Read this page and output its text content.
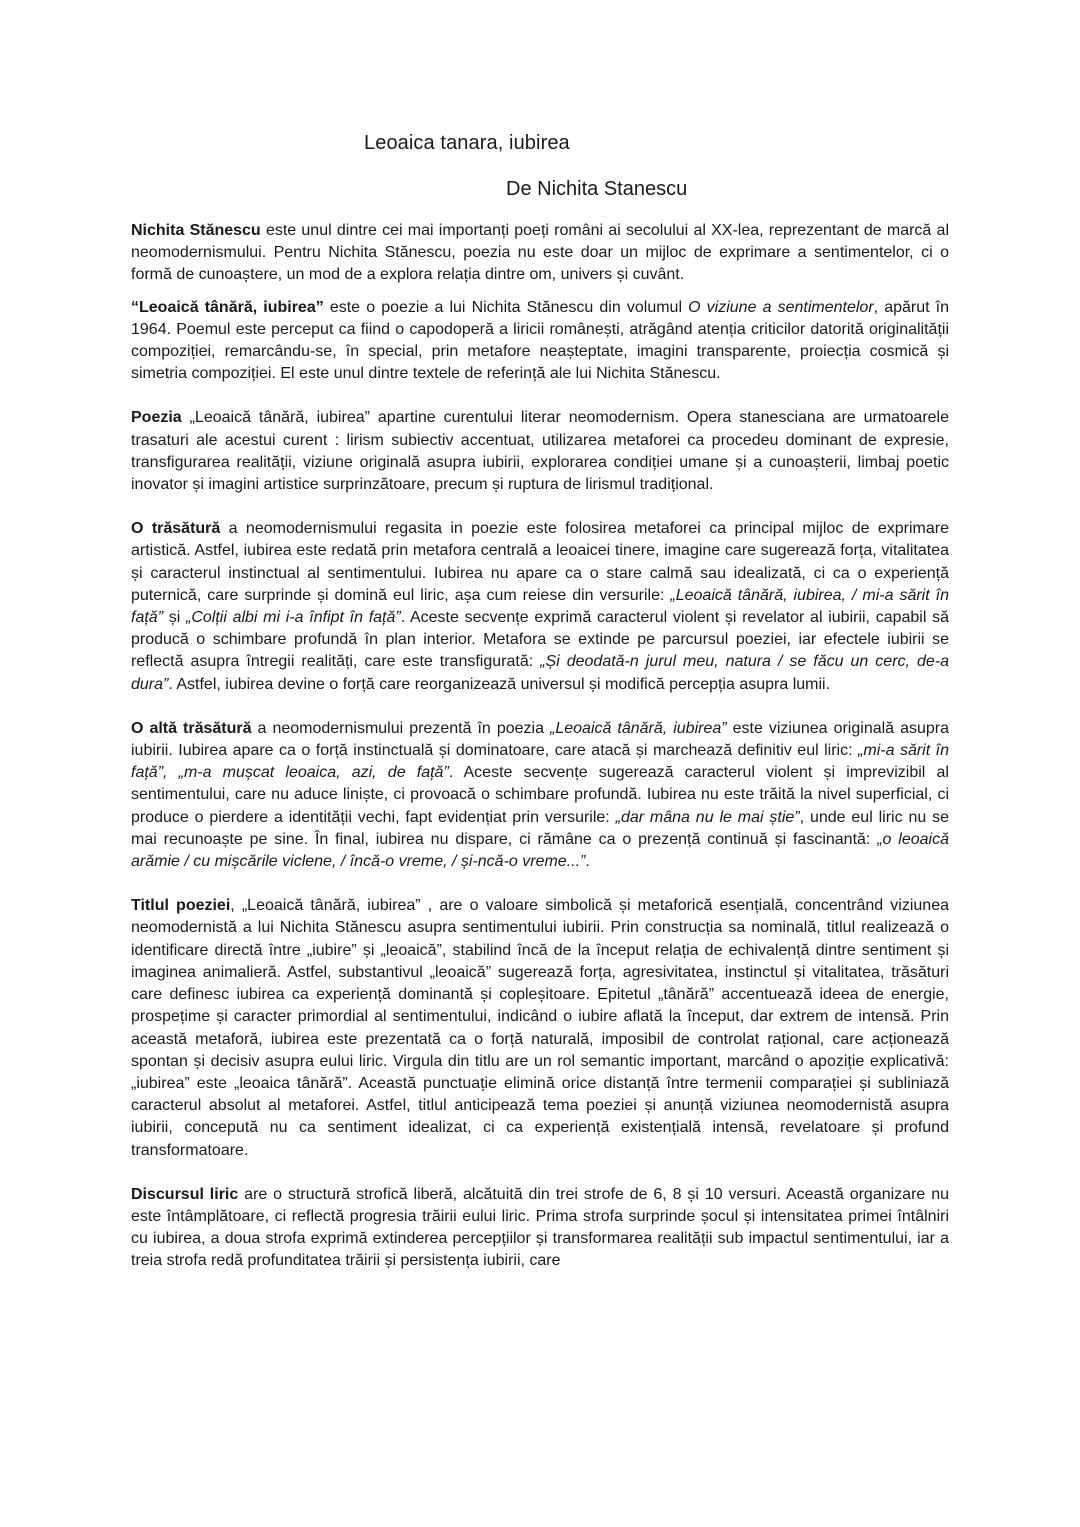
Leoaica tanara, iubirea
De Nichita Stanescu

Nichita Stănescu este unul dintre cei mai importanți poeți români ai secolului al XX-lea, reprezentant de marcă al neomodernismului. Pentru Nichita Stănescu, poezia nu este doar un mijloc de exprimare a sentimentelor, ci o formă de cunoaștere, un mod de a explora relația dintre om, univers și cuvânt.

“Leoaică tânără, iubirea” este o poezie a lui Nichita Stănescu din volumul O viziune a sentimentelor, apărut în 1964. Poemul este perceput ca fiind o capodoperă a liricii românești, atrăgând atenția criticilor datorită originalității compoziției, remarcându-se, în special, prin metafore neașteptate, imagini transparente, proiecția cosmică și simetria compoziției. El este unul dintre textele de referință ale lui Nichita Stănescu.

Poezia „Leoaică tânără, iubirea” apartine curentului literar neomodernism. Opera stanesciana are urmatoarele trasaturi ale acestui curent : lirism subiectiv accentuat, utilizarea metaforei ca procedeu dominant de expresie, transfigurarea realității, viziune originală asupra iubirii, explorarea condiției umane și a cunoașterii, limbaj poetic inovator și imagini artistice surprinzătoare, precum și ruptura de lirismul tradițional.

O trăsătură a neomodernismului regasita in poezie este folosirea metaforei ca principal mijloc de exprimare artistică. Astfel, iubirea este redată prin metafora centrală a leoaicei tinere, imagine care sugerează forța, vitalitatea și caracterul instinctual al sentimentului. Iubirea nu apare ca o stare calmă sau idealizată, ci ca o experiență puternică, care surprinde și domină eul liric, așa cum reiese din versurile: „Leoaică tânără, iubirea, / mi-a sărit în față” și „Colții albi mi i-a înfipt în față”. Aceste secvențe exprimă caracterul violent și revelator al iubirii, capabil să producă o schimbare profundă în plan interior. Metafora se extinde pe parcursul poeziei, iar efectele iubirii se reflectă asupra întregii realități, care este transfigurată: „Și deodată-n jurul meu, natura / se făcu un cerc, de-a dura”. Astfel, iubirea devine o forță care reorganizează universul și modifică percepția asupra lumii.

O altă trăsătură a neomodernismului prezentă în poezia „Leoaică tânără, iubirea” este viziunea originală asupra iubirii. Iubirea apare ca o forță instinctuală și dominatoare, care atacă și marchează definitiv eul liric: „mi-a sărit în față”, „m-a mușcat leoaica, azi, de față”. Aceste secvențe sugerează caracterul violent și imprevizibil al sentimentului, care nu aduce liniște, ci provoacă o schimbare profundă. Iubirea nu este trăită la nivel superficial, ci produce o pierdere a identității vechi, fapt evidențiat prin versurile: „dar mâna nu le mai știe”, unde eul liric nu se mai recunoaște pe sine. În final, iubirea nu dispare, ci rămâne ca o prezență continuă și fascinantă: „o leoaică arămie / cu mișcările viclene, / încă-o vreme, / și-ncă-o vreme...”.

Titlul poeziei, „Leoaică tânără, iubirea” , are o valoare simbolică și metaforică esențială, concentrând viziunea neomodernistă a lui Nichita Stănescu asupra sentimentului iubirii. Prin construcția sa nominală, titlul realizează o identificare directă între „iubire” și „leoaică”, stabilind încă de la început relația de echivalență dintre sentiment și imaginea animalieră. Astfel, substantivul „leoaică” sugerează forța, agresivitatea, instinctul și vitalitatea, trăsături care definesc iubirea ca experiență dominantă și copleșitoare. Epitetul „tânără” accentuează ideea de energie, prospețime și caracter primordial al sentimentului, indicând o iubire aflată la început, dar extrem de intensă. Prin această metaforă, iubirea este prezentată ca o forță naturală, imposibil de controlat rațional, care acționează spontan și decisiv asupra eului liric. Virgula din titlu are un rol semantic important, marcând o apoziție explicativă: „iubirea” este „leoaica tânără”. Această punctuație elimină orice distanță între termenii comparației și subliniază caracterul absolut al metaforei. Astfel, titlul anticipează tema poeziei și anunță viziunea neomodernistă asupra iubirii, concepută nu ca sentiment idealizat, ci ca experiență existențială intensă, revelatoare și profund transformatoare.

Discursul liric are o structură strofică liberă, alcătuită din trei strofe de 6, 8 și 10 versuri. Această organizare nu este întâmplătoare, ci reflectă progresia trăirii eului liric. Prima strofa surprinde șocul și intensitatea primei întâlniri cu iubirea, a doua strofa exprimă extinderea percepțiilor și transformarea realității sub impactul sentimentului, iar a treia strofa redă profunditatea trăirii și persistența iubirii, care
